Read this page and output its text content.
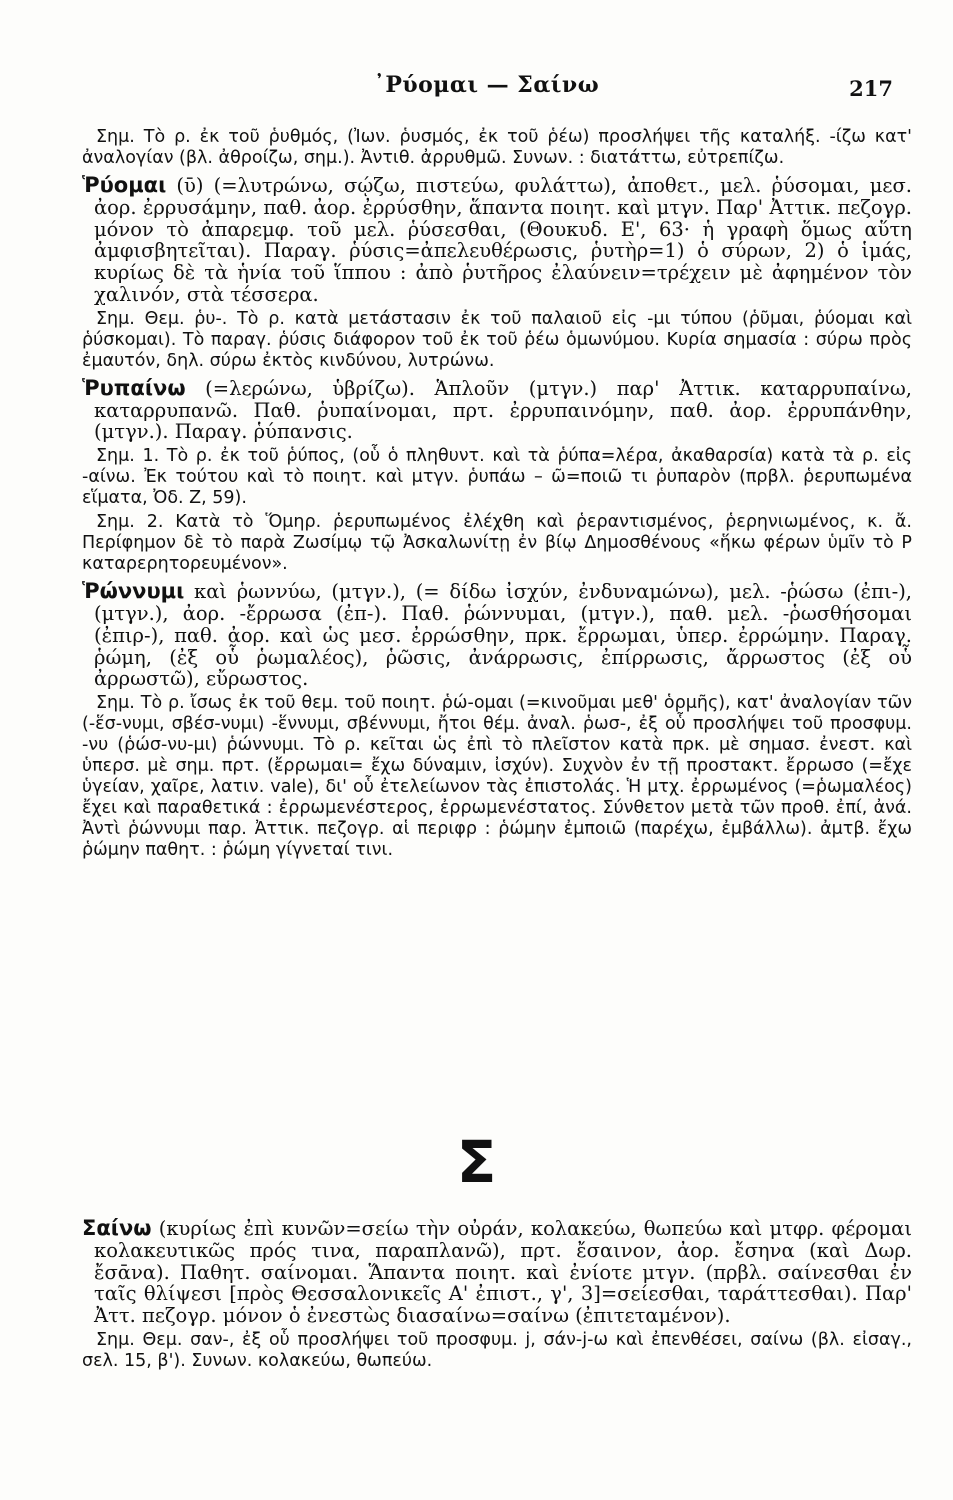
᾿Ρύομαι — Σαίνω	217

Σημ. Τὸ ρ. ἐκ τοῦ ῥυθμός, (Ἰων. ῥυσμός, ἐκ τοῦ ῥέω) προσλήψει τῆς καταλήξ. -ίζω κατ' ἀναλογίαν (βλ. ἀθροίζω, σημ.). Ἀντιθ. ἀρρυθμῶ. Συνων. : διατάττω, εὐτρεπίζω.

Ῥύομαι (ῡ) (=λυτρώνω, σῴζω, πιστεύω, φυλάττω), ἀποθετ., μελ. ῥύσομαι, μεσ. ἀορ. ἐρρυσάμην, παθ. ἀορ. ἐρρύσθην, ἅπαντα ποιητ. καὶ μτγν. Παρ' Ἀττικ. πεζογρ. μόνον τὸ ἀπαρεμφ. τοῦ μελ. ῥύσεσθαι, (Θουκυδ. Ε', 63· ἡ γραφὴ ὅμως αὕτη ἀμφισβητεῖται). Παραγ. ῥύσις=ἀπελευθέρωσις, ῥυτὴρ=1) ὁ σύρων, 2) ὁ ἱμάς, κυρίως δὲ τὰ ἡνία τοῦ ἵππου : ἀπὸ ῥυτῆρος ἐλαύνειν=τρέχειν μὲ ἀφημένον τὸν χαλινόν, στὰ τέσσερα.

Σημ. Θεμ. ῥυ-. Τὸ ρ. κατὰ μετάστασιν ἐκ τοῦ παλαιοῦ εἰς -μι τύπου (ῥῦμαι, ῥύομαι καὶ ῥύσκομαι). Τὸ παραγ. ῥύσις διάφορον τοῦ ἐκ τοῦ ῥέω ὁμωνύμου. Κυρία σημασία : σύρω πρὸς ἐμαυτόν, δηλ. σύρω ἐκτὸς κινδύνου, λυτρώνω.

Ῥυπαίνω (=λερώνω, ὑβρίζω). Ἁπλοῦν (μτγν.) παρ' Ἀττικ. καταρρυπαίνω, καταρρυπανῶ. Παθ. ῥυπαίνομαι, πρτ. ἐρρυπαινόμην, παθ. ἀορ. ἐρρυπάνθην, (μτγν.). Παραγ. ῥύπανσις.

Σημ. 1. Τὸ ρ. ἐκ τοῦ ῥύπος, (οὗ ὁ πληθυντ. καὶ τὰ ῥύπα=λέρα, ἀκαθαρσία) κατὰ τὰ ρ. εἰς -αίνω. Ἐκ τούτου καὶ τὸ ποιητ. καὶ μτγν. ῥυπάω – ῶ=ποιῶ τι ῥυπαρὸν (πρβλ. ῥερυπωμένα εἵματα, Ὀδ. Ζ, 59).

Σημ. 2. Κατὰ τὸ Ὅμηρ. ῥερυπωμένος ἐλέχθη καὶ ῥεραντισμένος, ῥερηνιωμένος, κ. ἄ. Περίφημον δὲ τὸ παρὰ Ζωσίμῳ τῷ Ἀσκαλωνίτῃ ἐν βίῳ Δημοσθένους «ἥκω φέρων ὑμῖν τὸ Ρ καταρερητορευμένον».

Ῥώννυμι καὶ ῥωννύω, (μτγν.), (= δίδω ἰσχύν, ἐνδυναμώνω), μελ. -ῥώσω (ἐπι-), (μτγν.), ἀορ. -ἔρρωσα (ἐπ-). Παθ. ῥώννυμαι, (μτγν.), παθ. μελ. -ῥωσθήσομαι (ἐπιρ-), παθ. ἀορ. καὶ ὡς μεσ. ἐρρώσθην, πρκ. ἔρρωμαι, ὑπερ. ἐρρώμην. Παραγ. ῥώμη, (ἐξ οὗ ῥωμαλέος), ῥῶσις, ἀνάρρωσις, ἐπίρρωσις, ἄρρωστος (ἐξ οὗ ἀρρωστῶ), εὔρωστος.

Σημ. Τὸ ρ. ἴσως ἐκ τοῦ θεμ. τοῦ ποιητ. ῥώ-ομαι (=κινοῦμαι μεθ' ὁρμῆς), κατ' ἀναλογίαν τῶν (-ἕσ-νυμι, σβέσ-νυμι) -ἕννυμι, σβέννυμι, ἤτοι θέμ. ἀναλ. ῥωσ-, ἐξ οὗ προσλήψει τοῦ προσφυμ. -νυ (ῥώσ-νυ-μι) ῥώννυμι. Τὸ ρ. κεῖται ὡς ἐπὶ τὸ πλεῖστον κατὰ πρκ. μὲ σημασ. ἐνεστ. καὶ ὑπερσ. μὲ σημ. πρτ. (ἔρρωμαι= ἔχω δύναμιν, ἰσχύν). Συχνὸν ἐν τῇ προστακτ. ἔρρωσο (=ἔχε ὑγείαν, χαῖρε, λατιν. vale), δι' οὗ ἐτελείωνον τὰς ἐπιστολάς. Ἡ μτχ. ἐρρωμένος (=ῥωμαλέος) ἔχει καὶ παραθετικά : ἐρρωμενέστερος, ἐρρωμενέστατος. Σύνθετον μετὰ τῶν προθ. ἐπί, ἀνά. Ἀντὶ ῥώννυμι παρ. Ἀττικ. πεζογρ. αἱ περιφρ : ῥώμην ἐμποιῶ (παρέχω, ἐμβάλλω). ἀμτβ. ἔχω ῥώμην παθητ. : ῥώμη γίγνεταί τινι.

Σ

Σαίνω (κυρίως ἐπὶ κυνῶν=σείω τὴν οὐράν, κολακεύω, θωπεύω καὶ μτφρ. φέρομαι κολακευτικῶς πρός τινα, παραπλανῶ), πρτ. ἔσαινον, ἀορ. ἔσηνα (καὶ Δωρ. ἔσᾱνα). Παθητ. σαίνομαι. Ἅπαντα ποιητ. καὶ ἐνίοτε μτγν. (πρβλ. σαίνεσθαι ἐν ταῖς θλίψεσι [πρὸς Θεσσαλονικεῖς Α' ἐπιστ., γ', 3]=σείεσθαι, ταράττεσθαι). Παρ' Ἀττ. πεζογρ. μόνον ὁ ἐνεστὼς διασαίνω=σαίνω (ἐπιτεταμένον).

Σημ. Θεμ. σαν-, ἐξ οὗ προσλήψει τοῦ προσφυμ. j, σάν-j-ω καὶ ἐπενθέσει, σαίνω (βλ. εἰσαγ., σελ. 15, β'). Συνων. κολακεύω, θωπεύω.
